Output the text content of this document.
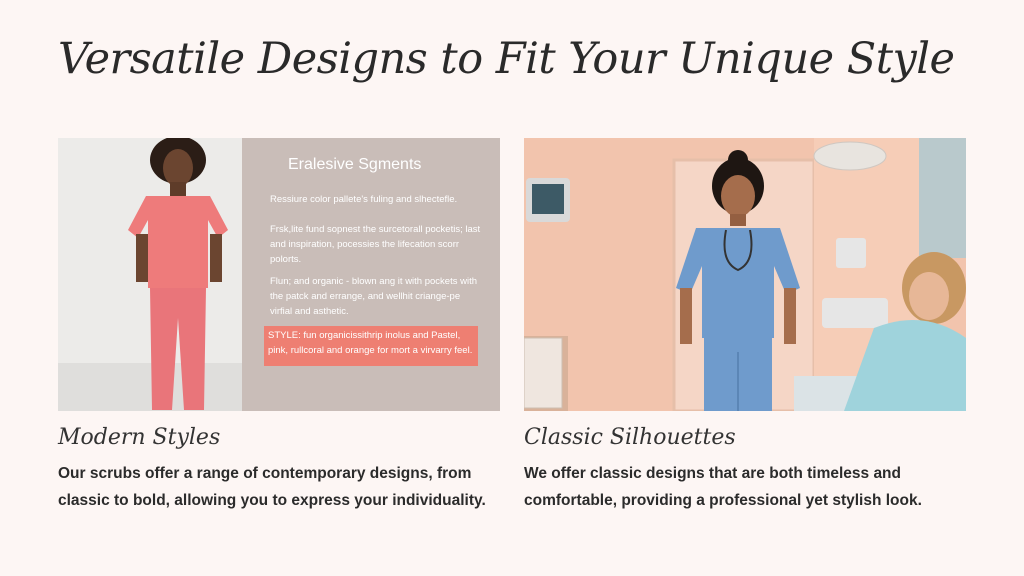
Versatile Designs to Fit Your Unique Style
Eralesive Sgments
Ressiure color pallete's fuling and slhectefle.
Frsk,lite fund sopnest the surcetorall pocketis; last and inspiration, pocessies the lifecation scorr polorts.
Flun; and organic - blown ang it with pockets with the patck and errange, and wellhit criange-pe virfial and asthetic.
STYLE: fun organicissithrip inolus and Pastel, pink, rullcoral and orange for mort a virvarry feel.
Modern Styles
Our scrubs offer a range of contemporary designs, from classic to bold, allowing you to express your individuality.
Classic Silhouettes
We offer classic designs that are both timeless and comfortable, providing a professional yet stylish look.
